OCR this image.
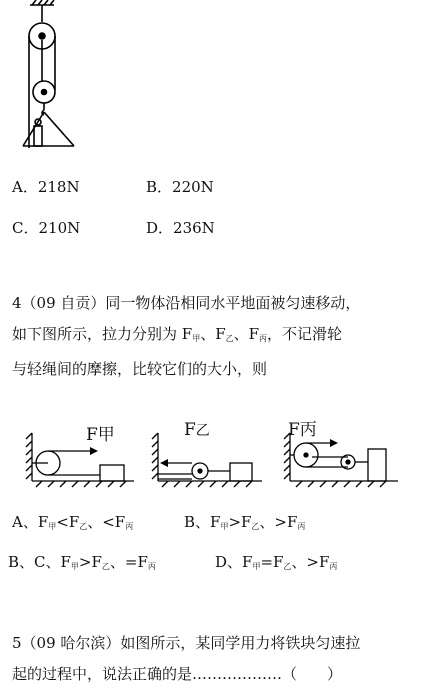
A．218N	B．220N
C．210N	D．236N
4（09 自贡）同一物体沿相同水平地面被匀速移动，
如下图所示，拉力分别为 $F_甲$、$F_乙$、$F_丙$，不记滑轮
与轻绳间的摩擦，比较它们的大小，则
F甲	F乙	F丙
A、$F_甲<F_乙$、$<F_丙$	B、$F_甲>F_乙$、$>F_丙$
B、C、$F_甲>F_乙$、$=F_丙$	D、$F_甲=F_乙$、$>F_丙$
5（09 哈尔滨）如图所示，某同学用力将铁块匀速拉
起的过程中，说法正确的是………………（　　）
